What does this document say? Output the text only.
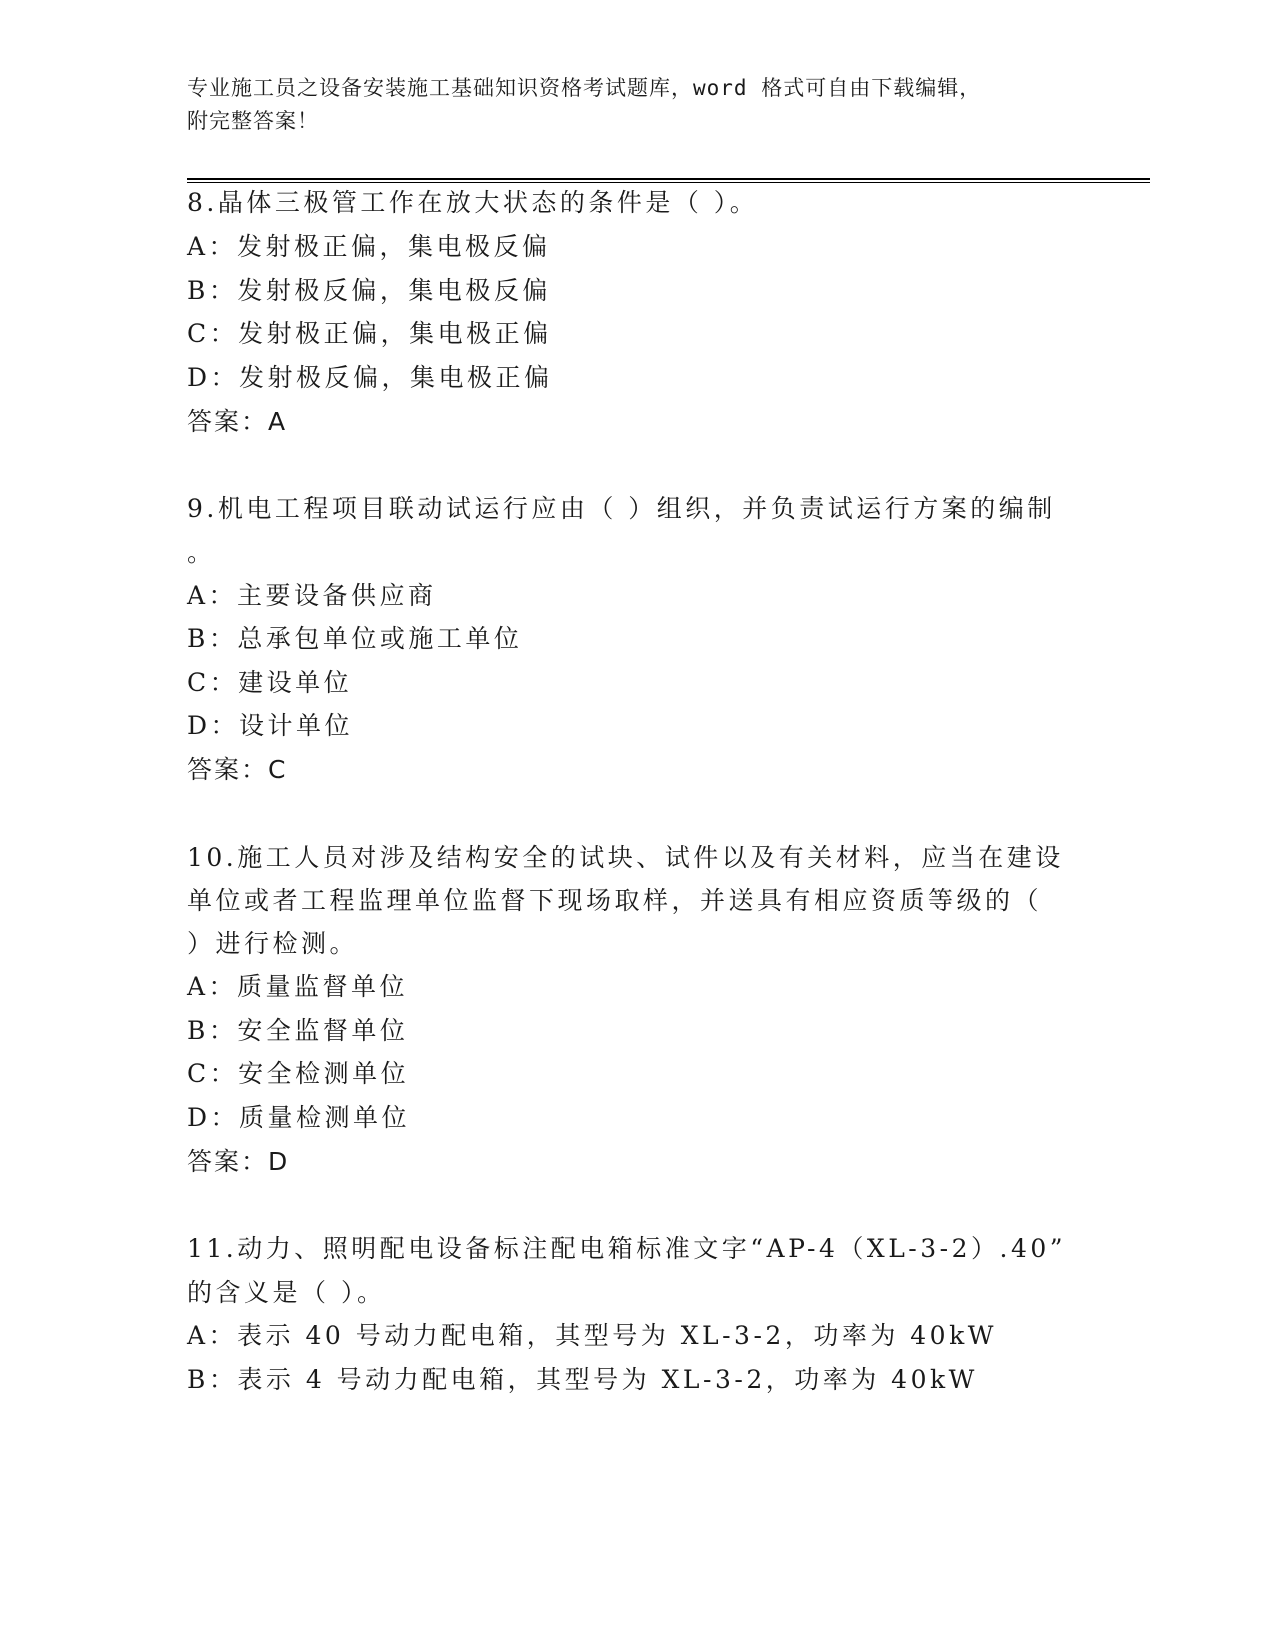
专业施工员之设备安装施工基础知识资格考试题库，word 格式可自由下载编辑，
附完整答案！
8.晶体三极管工作在放大状态的条件是（ ）。
A：发射极正偏，集电极反偏
B：发射极反偏，集电极反偏
C：发射极正偏，集电极正偏
D：发射极反偏，集电极正偏
答案：A
9.机电工程项目联动试运行应由（ ）组织，并负责试运行方案的编制
。
A：主要设备供应商
B：总承包单位或施工单位
C：建设单位
D：设计单位
答案：C
10.施工人员对涉及结构安全的试块、试件以及有关材料，应当在建设
单位或者工程监理单位监督下现场取样，并送具有相应资质等级的（
）进行检测。
A：质量监督单位
B：安全监督单位
C：安全检测单位
D：质量检测单位
答案：D
11.动力、照明配电设备标注配电箱标准文字“AP-4（XL-3-2）.40”
的含义是（ ）。
A：表示 40 号动力配电箱，其型号为 XL-3-2，功率为 40kW
B：表示 4 号动力配电箱，其型号为 XL-3-2，功率为 40kW
